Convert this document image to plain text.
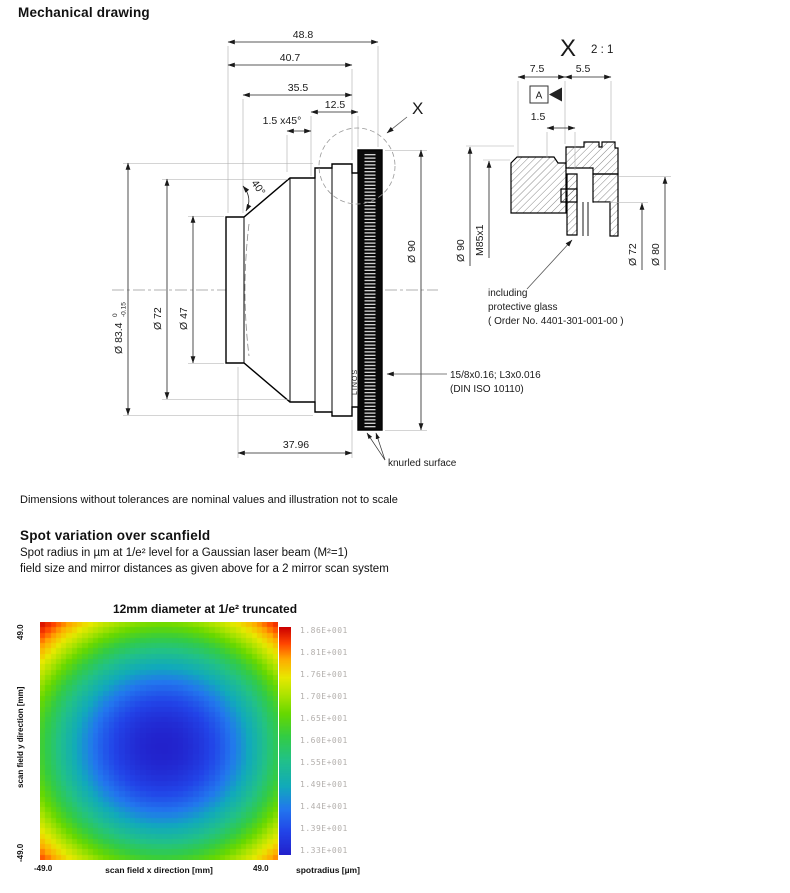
Mechanical drawing
LINOS
48.8
40.7
35.5
12.5
1.5 x45°
40°
Ø 83.4
0 -0.15 Ø 72 Ø 47
Ø 90
37.96
X
knurled surface
15/8x0.16; L3x0.016
(DIN ISO 10110)
X 2 : 1
7.5	5.5
1.5
A
Ø 90 M85x1	Ø 72 Ø 80
including
protective glass
( Order No. 4401-301-001-00 )
Dimensions without tolerances are nominal values and illustration not to scale
Spot variation over scanfield
Spot radius in µm at 1/e² level for a Gaussian laser beam (M²=1)
field size and mirror distances as given above for a 2 mirror scan system
12mm diameter at 1/e² truncated
49.0
scan field y direction [mm]
-49.0
-49.0	scan field x direction [mm]	49.0
1.86E+001
1.81E+001
1.76E+001
1.70E+001
1.65E+001
1.60E+001
1.55E+001
1.49E+001
1.44E+001
1.39E+001
1.33E+001
spotradius [µm]
